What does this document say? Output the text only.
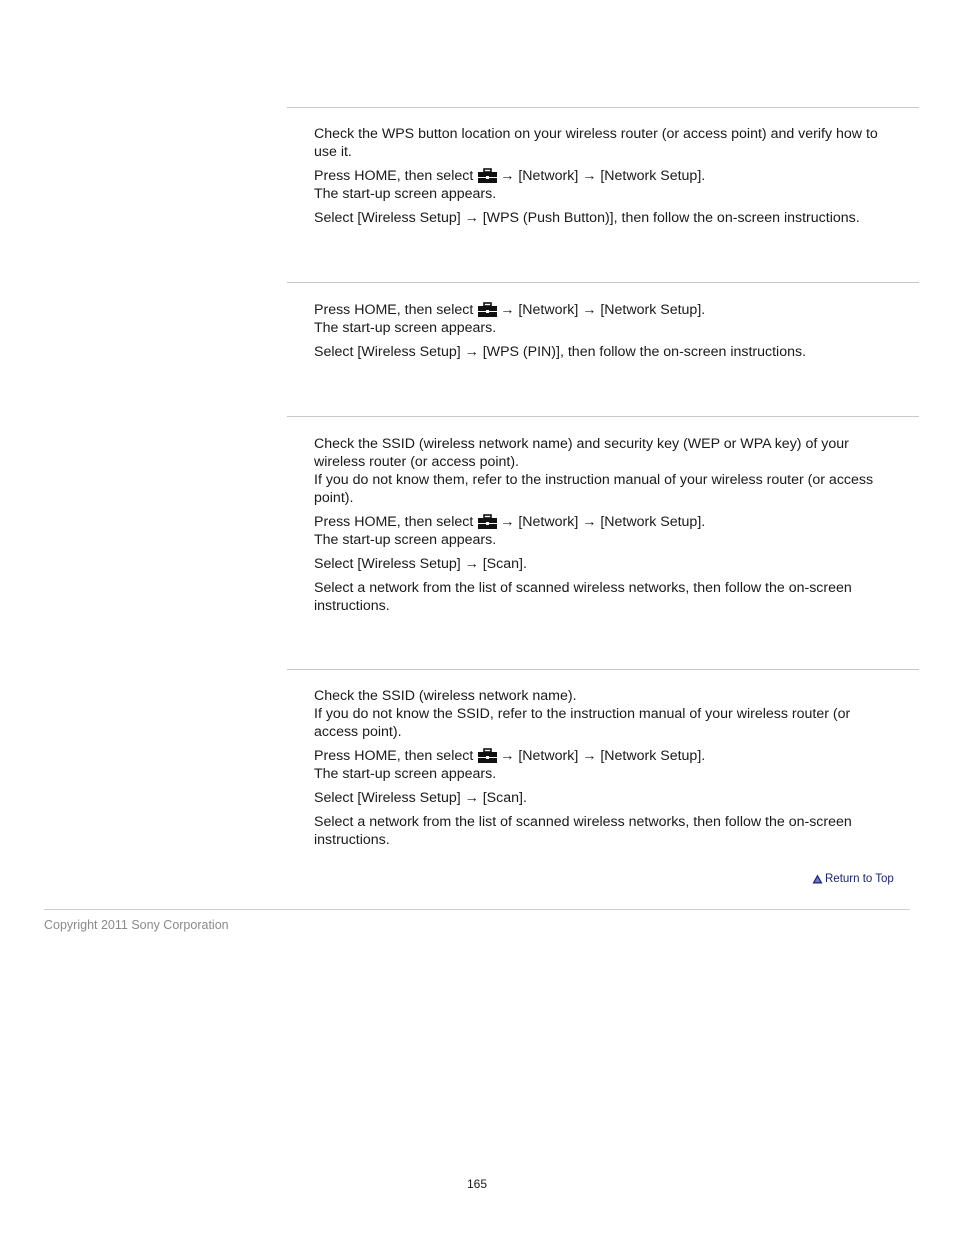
Check the WPS button location on your wireless router (or access point) and verify how to
use it.
Press HOME, then select → [Network] → [Network Setup].
The start-up screen appears.
Select [Wireless Setup] → [WPS (Push Button)], then follow the on-screen instructions.
Press HOME, then select → [Network] → [Network Setup].
The start-up screen appears.
Select [Wireless Setup] → [WPS (PIN)], then follow the on-screen instructions.
Check the SSID (wireless network name) and security key (WEP or WPA key) of your
wireless router (or access point).
If you do not know them, refer to the instruction manual of your wireless router (or access
point).
Press HOME, then select → [Network] → [Network Setup].
The start-up screen appears.
Select [Wireless Setup] → [Scan].
Select a network from the list of scanned wireless networks, then follow the on-screen
instructions.
Check the SSID (wireless network name).
If you do not know the SSID, refer to the instruction manual of your wireless router (or
access point).
Press HOME, then select → [Network] → [Network Setup].
The start-up screen appears.
Select [Wireless Setup] → [Scan].
Select a network from the list of scanned wireless networks, then follow the on-screen
instructions.
Return to Top
Copyright 2011 Sony Corporation
165
